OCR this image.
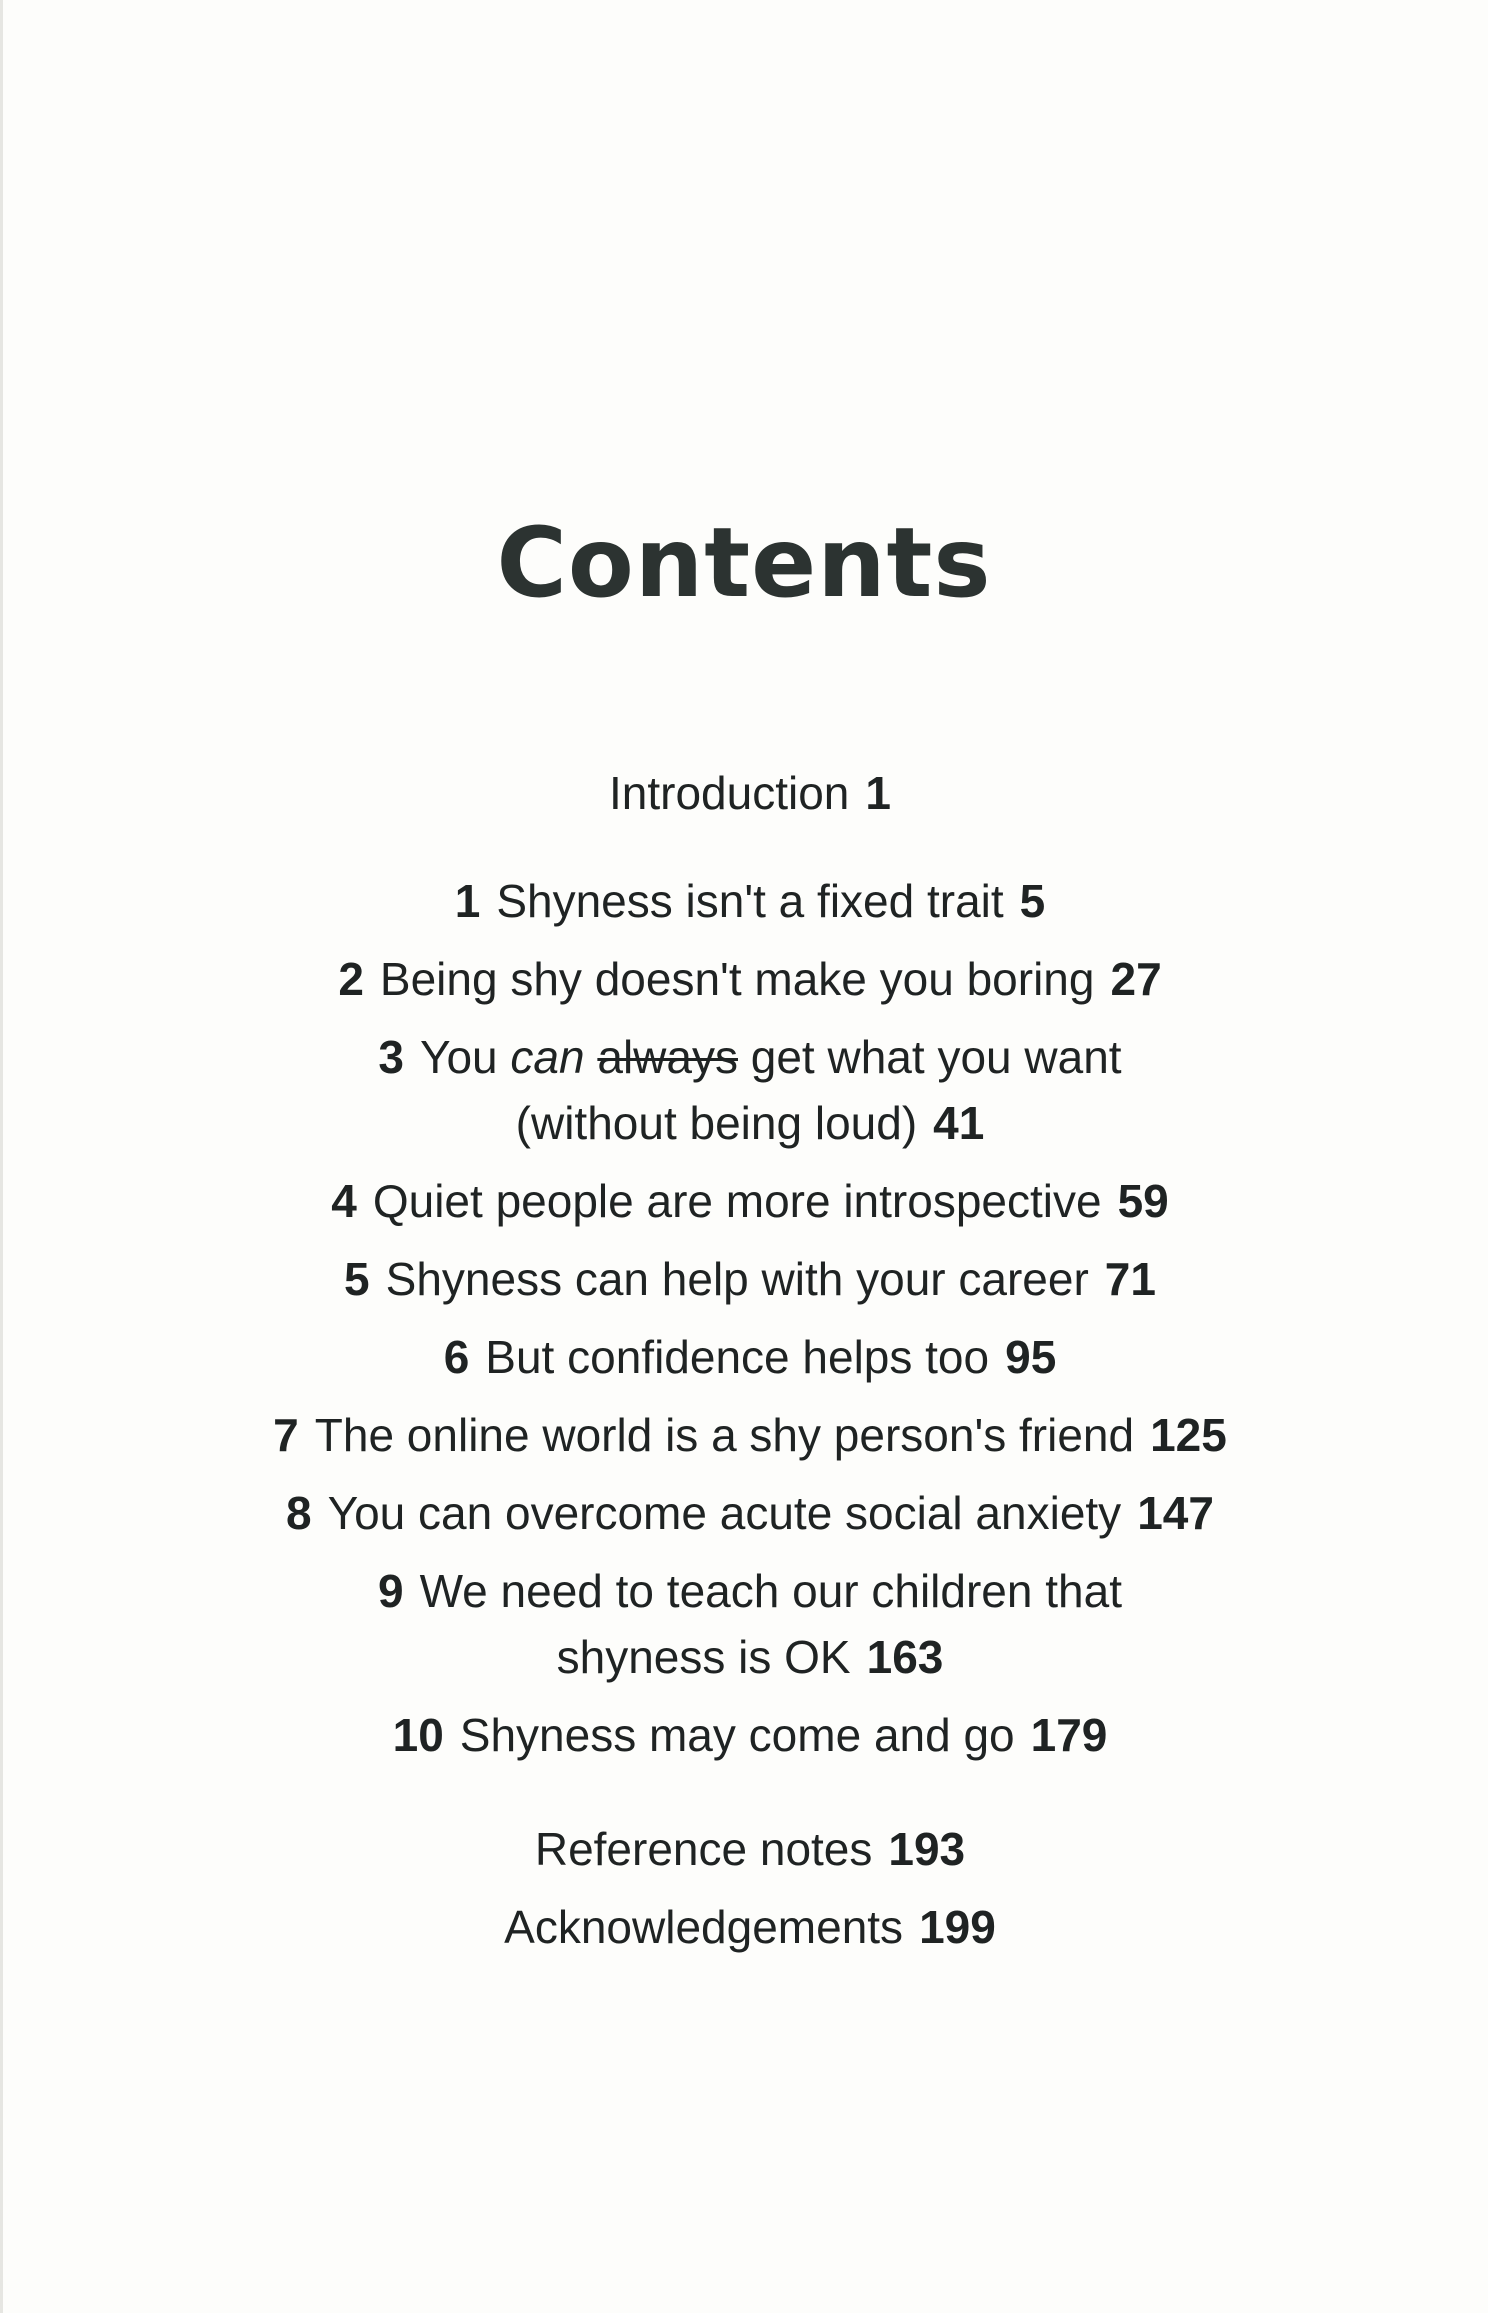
Contents
Introduction 1
1 Shyness isn't a fixed trait 5
2 Being shy doesn't make you boring 27
3 You can always get what you want
(without being loud) 41
4 Quiet people are more introspective 59
5 Shyness can help with your career 71
6 But confidence helps too 95
7 The online world is a shy person's friend 125
8 You can overcome acute social anxiety 147
9 We need to teach our children that
shyness is OK 163
10 Shyness may come and go 179
Reference notes 193
Acknowledgements 199
